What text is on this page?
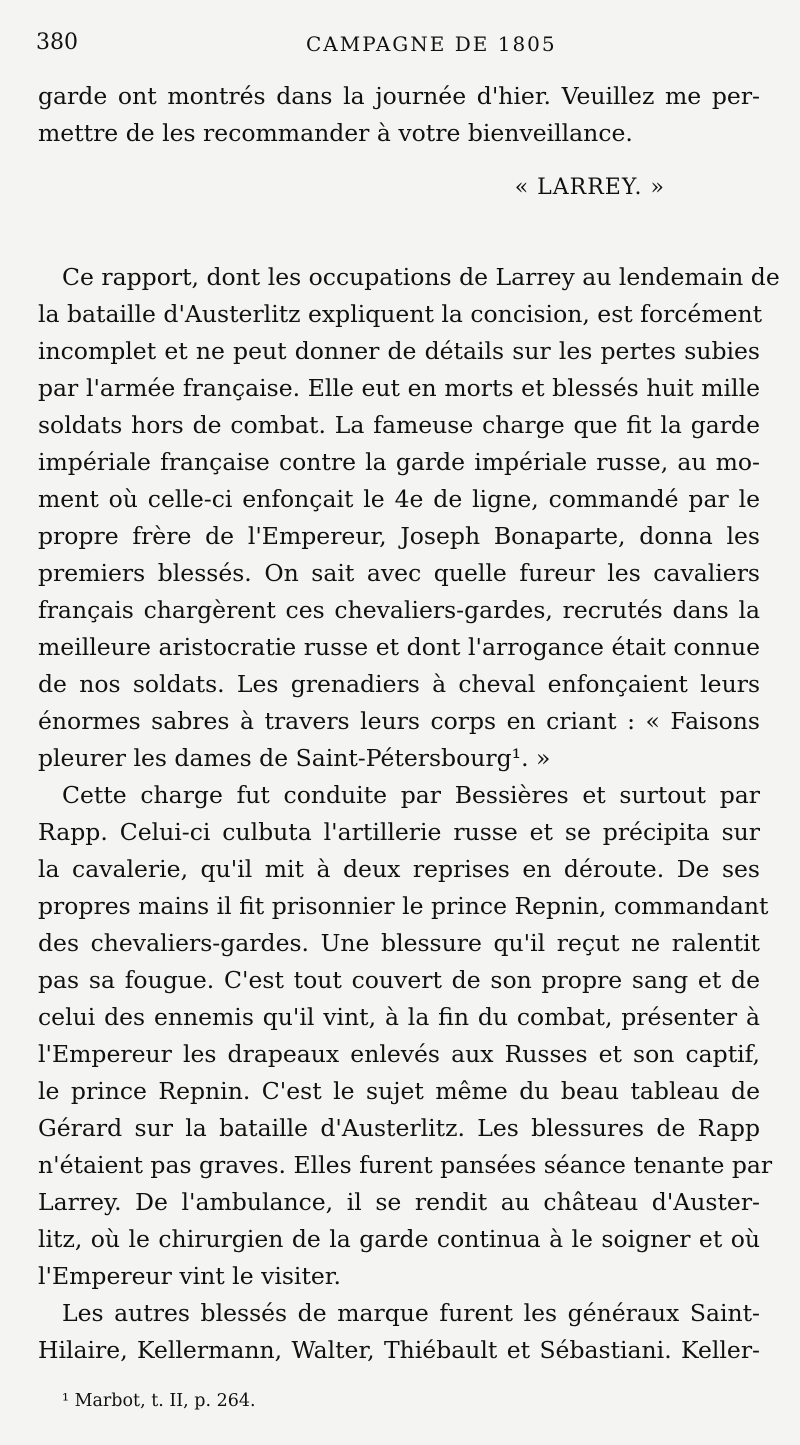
380	CAMPAGNE DE 1805
garde ont montrés dans la journée d'hier. Veuillez me per-
mettre de les recommander à votre bienveillance.
« LARREY. »
Ce rapport, dont les occupations de Larrey au lendemain de
la bataille d'Austerlitz expliquent la concision, est forcément
incomplet et ne peut donner de détails sur les pertes subies
par l'armée française. Elle eut en morts et blessés huit mille
soldats hors de combat. La fameuse charge que fit la garde
impériale française contre la garde impériale russe, au mo-
ment où celle-ci enfonçait le 4e de ligne, commandé par le
propre frère de l'Empereur, Joseph Bonaparte, donna les
premiers blessés. On sait avec quelle fureur les cavaliers
français chargèrent ces chevaliers-gardes, recrutés dans la
meilleure aristocratie russe et dont l'arrogance était connue
de nos soldats. Les grenadiers à cheval enfonçaient leurs
énormes sabres à travers leurs corps en criant : « Faisons
pleurer les dames de Saint-Pétersbourg¹. »
Cette charge fut conduite par Bessières et surtout par
Rapp. Celui-ci culbuta l'artillerie russe et se précipita sur
la cavalerie, qu'il mit à deux reprises en déroute. De ses
propres mains il fit prisonnier le prince Repnin, commandant
des chevaliers-gardes. Une blessure qu'il reçut ne ralentit
pas sa fougue. C'est tout couvert de son propre sang et de
celui des ennemis qu'il vint, à la fin du combat, présenter à
l'Empereur les drapeaux enlevés aux Russes et son captif,
le prince Repnin. C'est le sujet même du beau tableau de
Gérard sur la bataille d'Austerlitz. Les blessures de Rapp
n'étaient pas graves. Elles furent pansées séance tenante par
Larrey. De l'ambulance, il se rendit au château d'Auster-
litz, où le chirurgien de la garde continua à le soigner et où
l'Empereur vint le visiter.
Les autres blessés de marque furent les généraux Saint-
Hilaire, Kellermann, Walter, Thiébault et Sébastiani. Keller-
¹ Marbot, t. II, p. 264.
